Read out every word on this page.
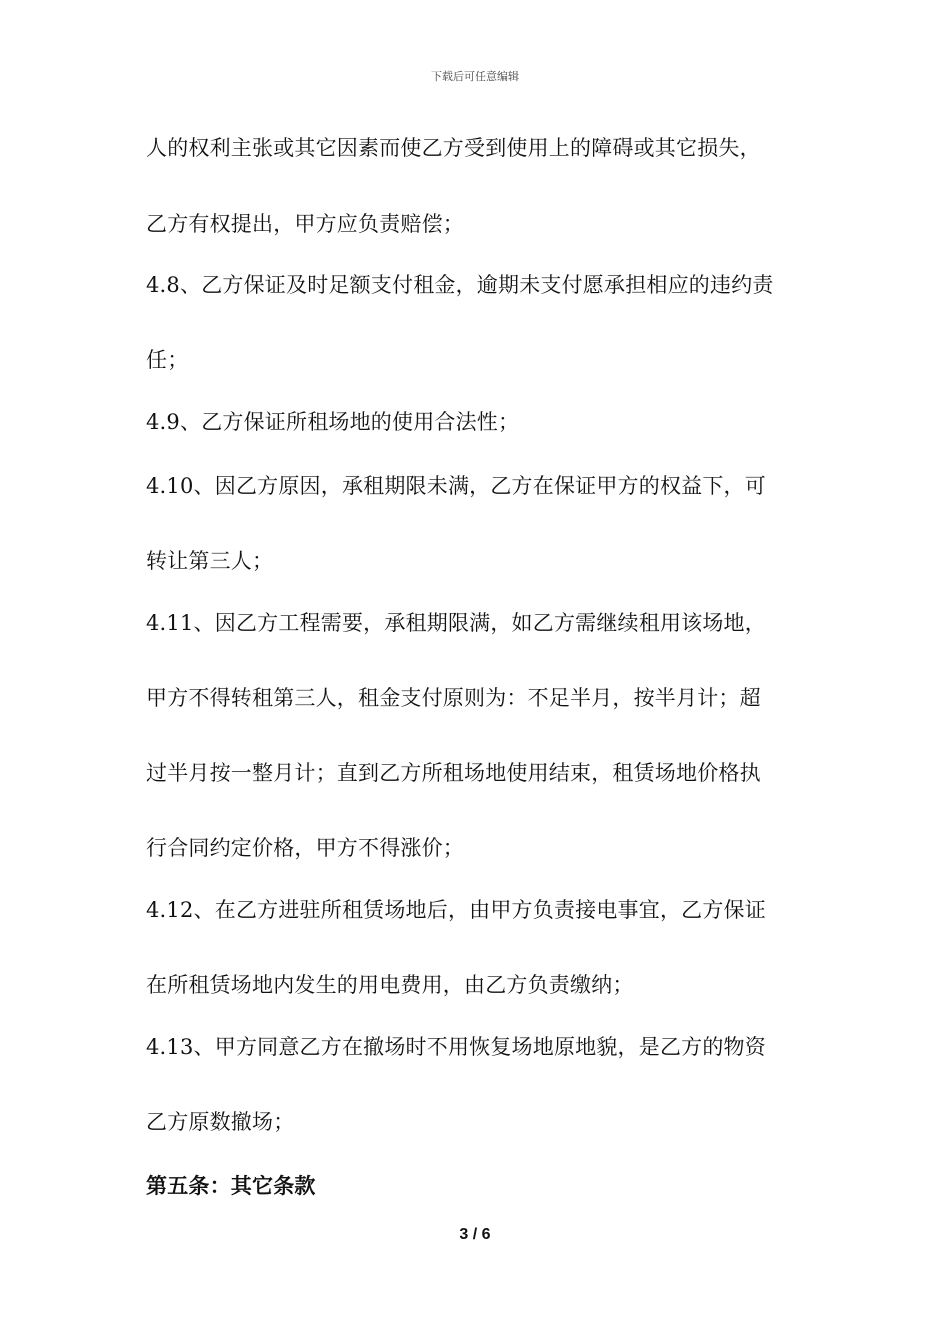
下载后可任意编辑
人的权利主张或其它因素而使乙方受到使用上的障碍或其它损失，
乙方有权提出，甲方应负责赔偿；
4.8、乙方保证及时足额支付租金，逾期未支付愿承担相应的违约责
任；
4.9、乙方保证所租场地的使用合法性；
4.10、因乙方原因，承租期限未满，乙方在保证甲方的权益下，可
转让第三人；
4.11、因乙方工程需要，承租期限满，如乙方需继续租用该场地，
甲方不得转租第三人，租金支付原则为：不足半月，按半月计；超
过半月按一整月计；直到乙方所租场地使用结束，租赁场地价格执
行合同约定价格，甲方不得涨价；
4.12、在乙方进驻所租赁场地后，由甲方负责接电事宜，乙方保证
在所租赁场地内发生的用电费用，由乙方负责缴纳；
4.13、甲方同意乙方在撤场时不用恢复场地原地貌，是乙方的物资
乙方原数撤场；
第五条：其它条款
3 / 6
